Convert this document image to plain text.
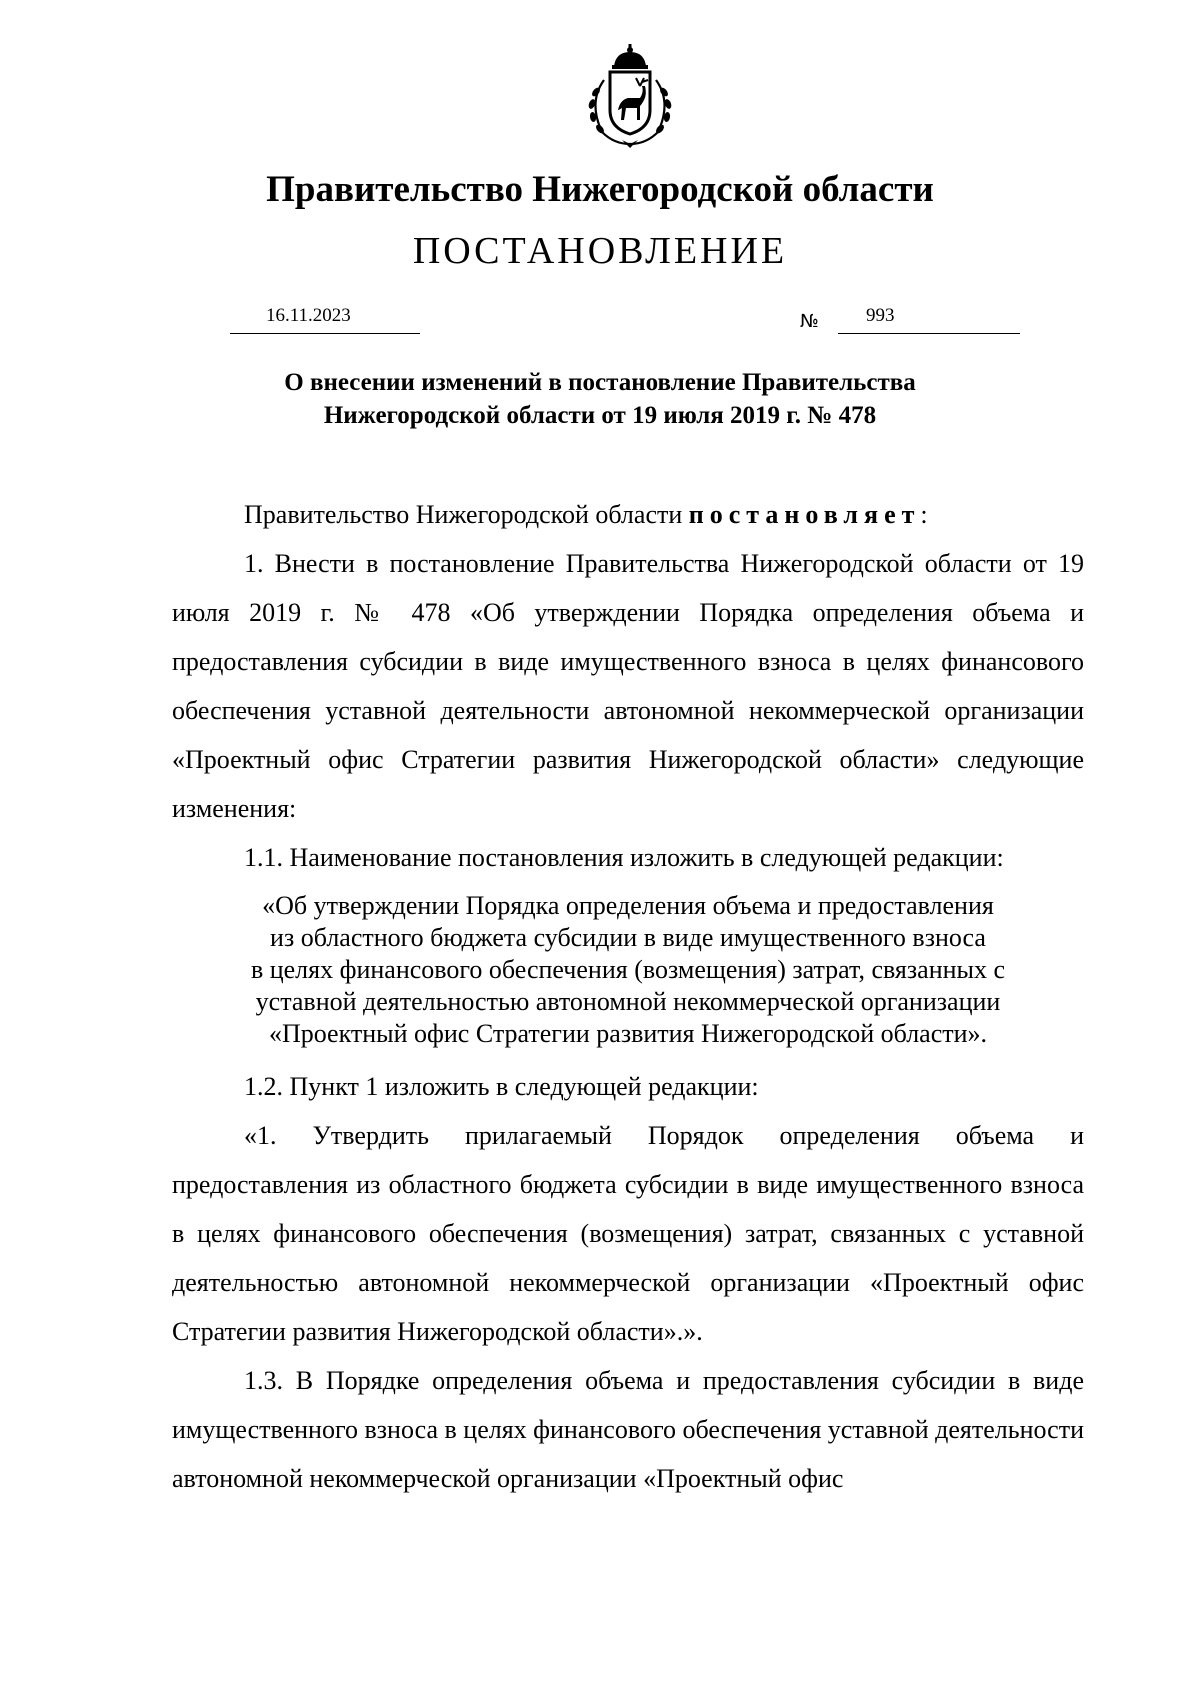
Правительство Нижегородской области
ПОСТАНОВЛЕНИЕ
16.11.2023	№ 993
О внесении изменений в постановление Правительства
Нижегородской области от 19 июля 2019 г. № 478

Правительство Нижегородской области постановляет:

1. Внести в постановление Правительства Нижегородской области от 19 июля 2019 г. № 478 «Об утверждении Порядка определения объема и предоставления субсидии в виде имущественного взноса в целях финансового обеспечения уставной деятельности автономной некоммерческой организации «Проектный офис Стратегии развития Нижегородской области» следующие изменения:

1.1. Наименование постановления изложить в следующей редакции:

«Об утверждении Порядка определения объема и предоставления
из областного бюджета субсидии в виде имущественного взноса
в целях финансового обеспечения (возмещения) затрат, связанных с
уставной деятельностью автономной некоммерческой организации
«Проектный офис Стратегии развития Нижегородской области».

1.2. Пункт 1 изложить в следующей редакции:

«1. Утвердить прилагаемый Порядок определения объема и предоставления из областного бюджета субсидии в виде имущественного взноса в целях финансового обеспечения (возмещения) затрат, связанных с уставной деятельностью автономной некоммерческой организации «Проектный офис Стратегии развития Нижегородской области».».

1.3. В Порядке определения объема и предоставления субсидии в виде имущественного взноса в целях финансового обеспечения уставной деятельности автономной некоммерческой организации «Проектный офис
